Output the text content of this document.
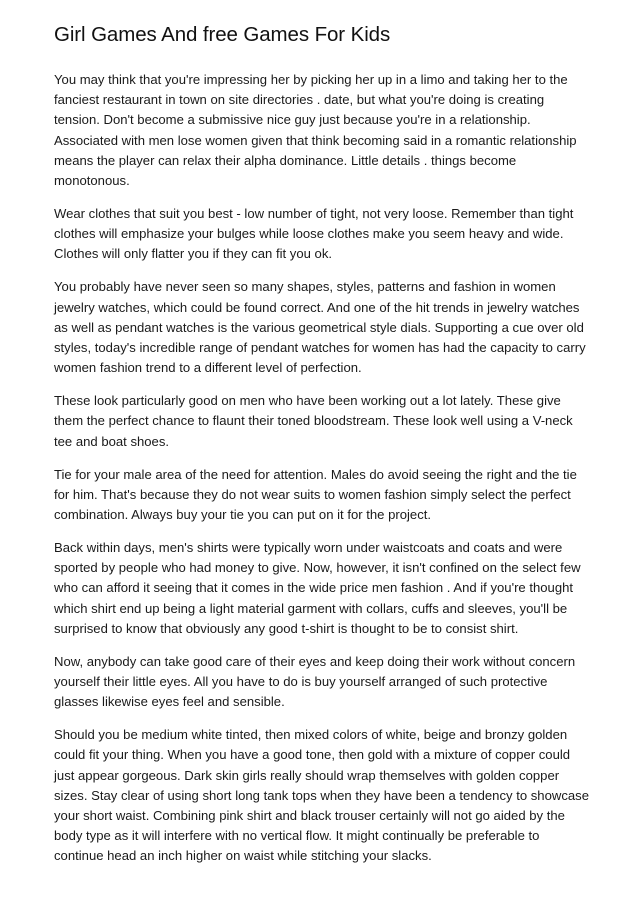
Girl Games And free Games For Kids

You may think that you're impressing her by picking her up in a limo and taking her to the fanciest restaurant in town on site directories . date, but what you're doing is creating tension. Don't become a submissive nice guy just because you're in a relationship. Associated with men lose women given that think becoming said in a romantic relationship means the player can relax their alpha dominance. Little details . things become monotonous.

Wear clothes that suit you best - low number of tight, not very loose. Remember than tight clothes will emphasize your bulges while loose clothes make you seem heavy and wide. Clothes will only flatter you if they can fit you ok.

You probably have never seen so many shapes, styles, patterns and fashion in women jewelry watches, which could be found correct. And one of the hit trends in jewelry watches as well as pendant watches is the various geometrical style dials. Supporting a cue over old styles, today's incredible range of pendant watches for women has had the capacity to carry women fashion trend to a different level of perfection.

These look particularly good on men who have been working out a lot lately. These give them the perfect chance to flaunt their toned bloodstream. These look well using a V-neck tee and boat shoes.

Tie for your male area of the need for attention. Males do avoid seeing the right and the tie for him. That's because they do not wear suits to women fashion simply select the perfect combination. Always buy your tie you can put on it for the project.

Back within days, men's shirts were typically worn under waistcoats and coats and were sported by people who had money to give. Now, however, it isn't confined on the select few who can afford it seeing that it comes in the wide price men fashion . And if you're thought which shirt end up being a light material garment with collars, cuffs and sleeves, you'll be surprised to know that obviously any good t-shirt is thought to be to consist shirt.

Now, anybody can take good care of their eyes and keep doing their work without concern yourself their little eyes. All you have to do is buy yourself arranged of such protective glasses likewise eyes feel and sensible.

Should you be medium white tinted, then mixed colors of white, beige and bronzy golden could fit your thing. When you have a good tone, then gold with a mixture of copper could just appear gorgeous. Dark skin girls really should wrap themselves with golden copper sizes. Stay clear of using short long tank tops when they have been a tendency to showcase your short waist. Combining pink shirt and black trouser certainly will not go aided by the body type as it will interfere with no vertical flow. It might continually be preferable to continue head an inch higher on waist while stitching your slacks.
